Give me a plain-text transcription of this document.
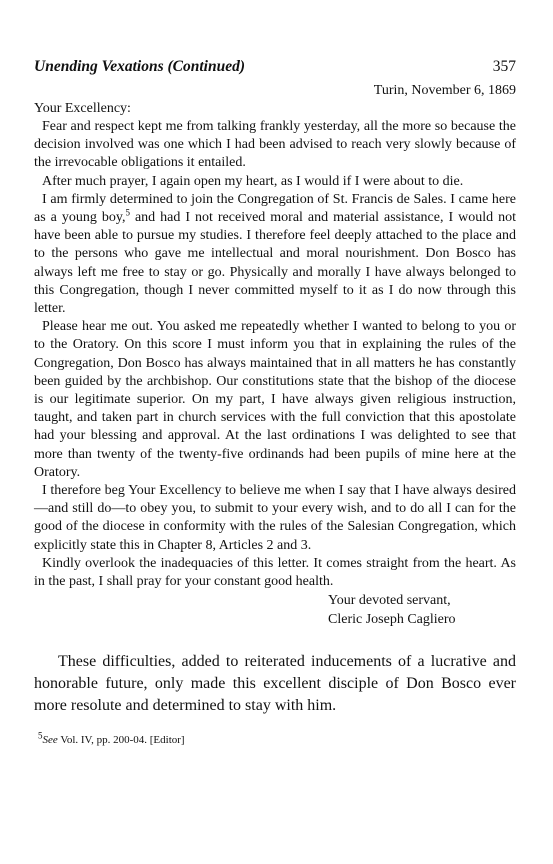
Unending Vexations (Continued)	357
Turin, November 6, 1869
Your Excellency:

Fear and respect kept me from talking frankly yesterday, all the more so because the decision involved was one which I had been advised to reach very slowly because of the irrevocable obligations it entailed.

After much prayer, I again open my heart, as I would if I were about to die.

I am firmly determined to join the Congregation of St. Francis de Sales. I came here as a young boy,$^5$ and had I not received moral and material assistance, I would not have been able to pursue my studies. I therefore feel deeply attached to the place and to the persons who gave me intellectual and moral nourishment. Don Bosco has always left me free to stay or go. Physically and morally I have always belonged to this Congregation, though I never committed myself to it as I do now through this letter.

Please hear me out. You asked me repeatedly whether I wanted to belong to you or to the Oratory. On this score I must inform you that in explaining the rules of the Congregation, Don Bosco has always maintained that in all matters he has constantly been guided by the archbishop. Our constitutions state that the bishop of the diocese is our legitimate superior. On my part, I have always given religious instruction, taught, and taken part in church services with the full conviction that this apostolate had your blessing and approval. At the last ordinations I was delighted to see that more than twenty of the twenty-five ordinands had been pupils of mine here at the Oratory.

I therefore beg Your Excellency to believe me when I say that I have always desired—and still do—to obey you, to submit to your every wish, and to do all I can for the good of the diocese in conformity with the rules of the Salesian Congregation, which explicitly state this in Chapter 8, Articles 2 and 3.

Kindly overlook the inadequacies of this letter. It comes straight from the heart. As in the past, I shall pray for your constant good health.

Your devoted servant,
Cleric Joseph Cagliero

These difficulties, added to reiterated inducements of a lucrative and honorable future, only made this excellent disciple of Don Bosco ever more resolute and determined to stay with him.

$^5$See Vol. IV, pp. 200-04. [Editor]
